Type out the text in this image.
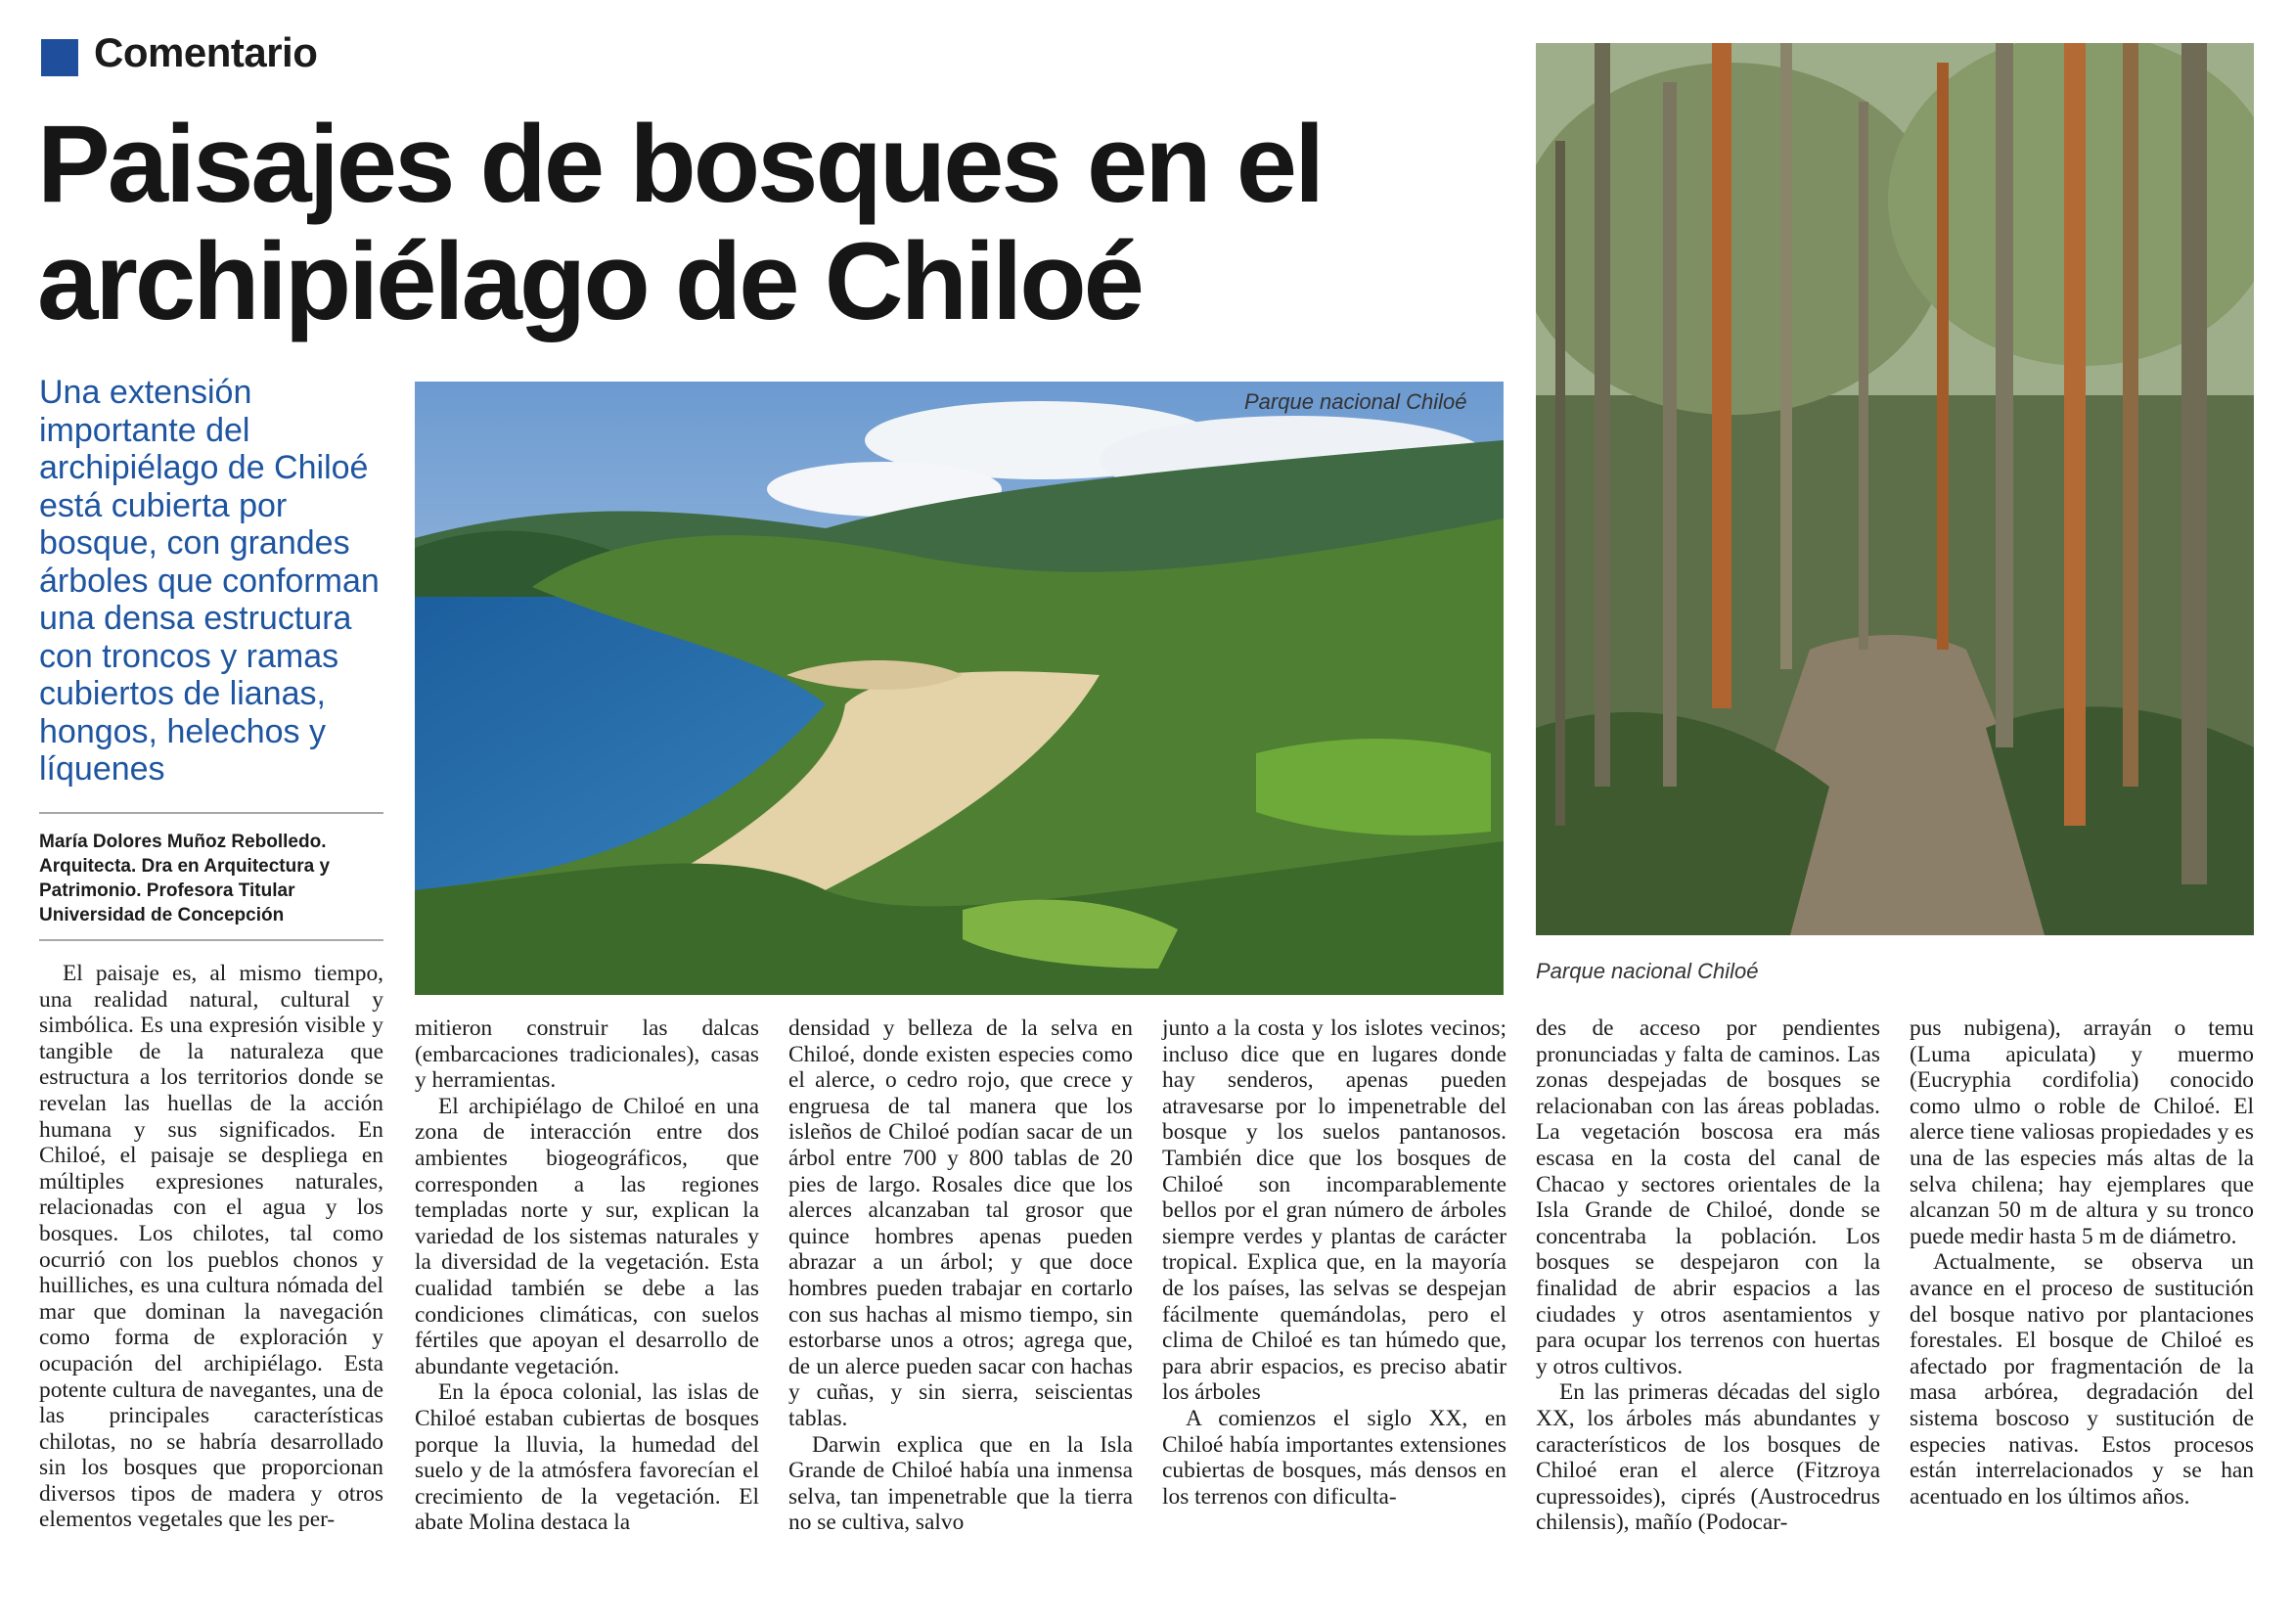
Comentario
Paisajes de bosques en el archipiélago de Chiloé

Una extensión importante del archipiélago de Chiloé está cubierta por bosque, con grandes árboles que conforman una densa estructura con troncos y ramas cubiertos de lianas, hongos, helechos y líquenes

María Dolores Muñoz Rebolledo. Arquitecta. Dra en Arquitectura y Patrimonio. Profesora Titular Universidad de Concepción

Parque nacional Chiloé
Parque nacional Chiloé

El paisaje es, al mismo tiempo, una realidad natural, cultural y simbólica. Es una expresión visible y tangible de la naturaleza que estructura a los territorios donde se revelan las huellas de la acción humana y sus significados. En Chiloé, el paisaje se despliega en múltiples expresiones naturales, relacionadas con el agua y los bosques. Los chilotes, tal como ocurrió con los pueblos chonos y huilliches, es una cultura nómada del mar que dominan la navegación como forma de exploración y ocupación del archipiélago. Esta potente cultura de navegantes, una de las principales características chilotas, no se habría desarrollado sin los bosques que proporcionan diversos tipos de madera y otros elementos vegetales que les per-

mitieron construir las dalcas (embarcaciones tradicionales), casas y herramientas.

El archipiélago de Chiloé en una zona de interacción entre dos ambientes biogeográficos, que corresponden a las regiones templadas norte y sur, explican la variedad de los sistemas naturales y la diversidad de la vegetación. Esta cualidad también se debe a las condiciones climáticas, con suelos fértiles que apoyan el desarrollo de abundante vegetación.

En la época colonial, las islas de Chiloé estaban cubiertas de bosques porque la lluvia, la humedad del suelo y de la atmósfera favorecían el crecimiento de la vegetación. El abate Molina destaca la

densidad y belleza de la selva en Chiloé, donde existen especies como el alerce, o cedro rojo, que crece y engruesa de tal manera que los isleños de Chiloé podían sacar de un árbol entre 700 y 800 tablas de 20 pies de largo. Rosales dice que los alerces alcanzaban tal grosor que quince hombres apenas pueden abrazar a un árbol; y que doce hombres pueden trabajar en cortarlo con sus hachas al mismo tiempo, sin estorbarse unos a otros; agrega que, de un alerce pueden sacar con hachas y cuñas, y sin sierra, seiscientas tablas.

Darwin explica que en la Isla Grande de Chiloé había una inmensa selva, tan impenetrable que la tierra no se cultiva, salvo

junto a la costa y los islotes vecinos; incluso dice que en lugares donde hay senderos, apenas pueden atravesarse por lo impenetrable del bosque y los suelos pantanosos. También dice que los bosques de Chiloé son incomparablemente bellos por el gran número de árboles siempre verdes y plantas de carácter tropical. Explica que, en la mayoría de los países, las selvas se despejan fácilmente quemándolas, pero el clima de Chiloé es tan húmedo que, para abrir espacios, es preciso abatir los árboles

A comienzos el siglo XX, en Chiloé había importantes extensiones cubiertas de bosques, más densos en los terrenos con dificulta-

des de acceso por pendientes pronunciadas y falta de caminos. Las zonas despejadas de bosques se relacionaban con las áreas pobladas. La vegetación boscosa era más escasa en la costa del canal de Chacao y sectores orientales de la Isla Grande de Chiloé, donde se concentraba la población. Los bosques se despejaron con la finalidad de abrir espacios a las ciudades y otros asentamientos y para ocupar los terrenos con huertas y otros cultivos.

En las primeras décadas del siglo XX, los árboles más abundantes y característicos de los bosques de Chiloé eran el alerce (Fitzroya cupressoides), ciprés (Austrocedrus chilensis), mañío (Podocar-

pus nubigena), arrayán o temu (Luma apiculata) y muermo (Eucryphia cordifolia) conocido como ulmo o roble de Chiloé. El alerce tiene valiosas propiedades y es una de las especies más altas de la selva chilena; hay ejemplares que alcanzan 50 m de altura y su tronco puede medir hasta 5 m de diámetro.

Actualmente, se observa un avance en el proceso de sustitución del bosque nativo por plantaciones forestales. El bosque de Chiloé es afectado por fragmentación de la masa arbórea, degradación del sistema boscoso y sustitución de especies nativas. Estos procesos están interrelacionados y se han acentuado en los últimos años.
